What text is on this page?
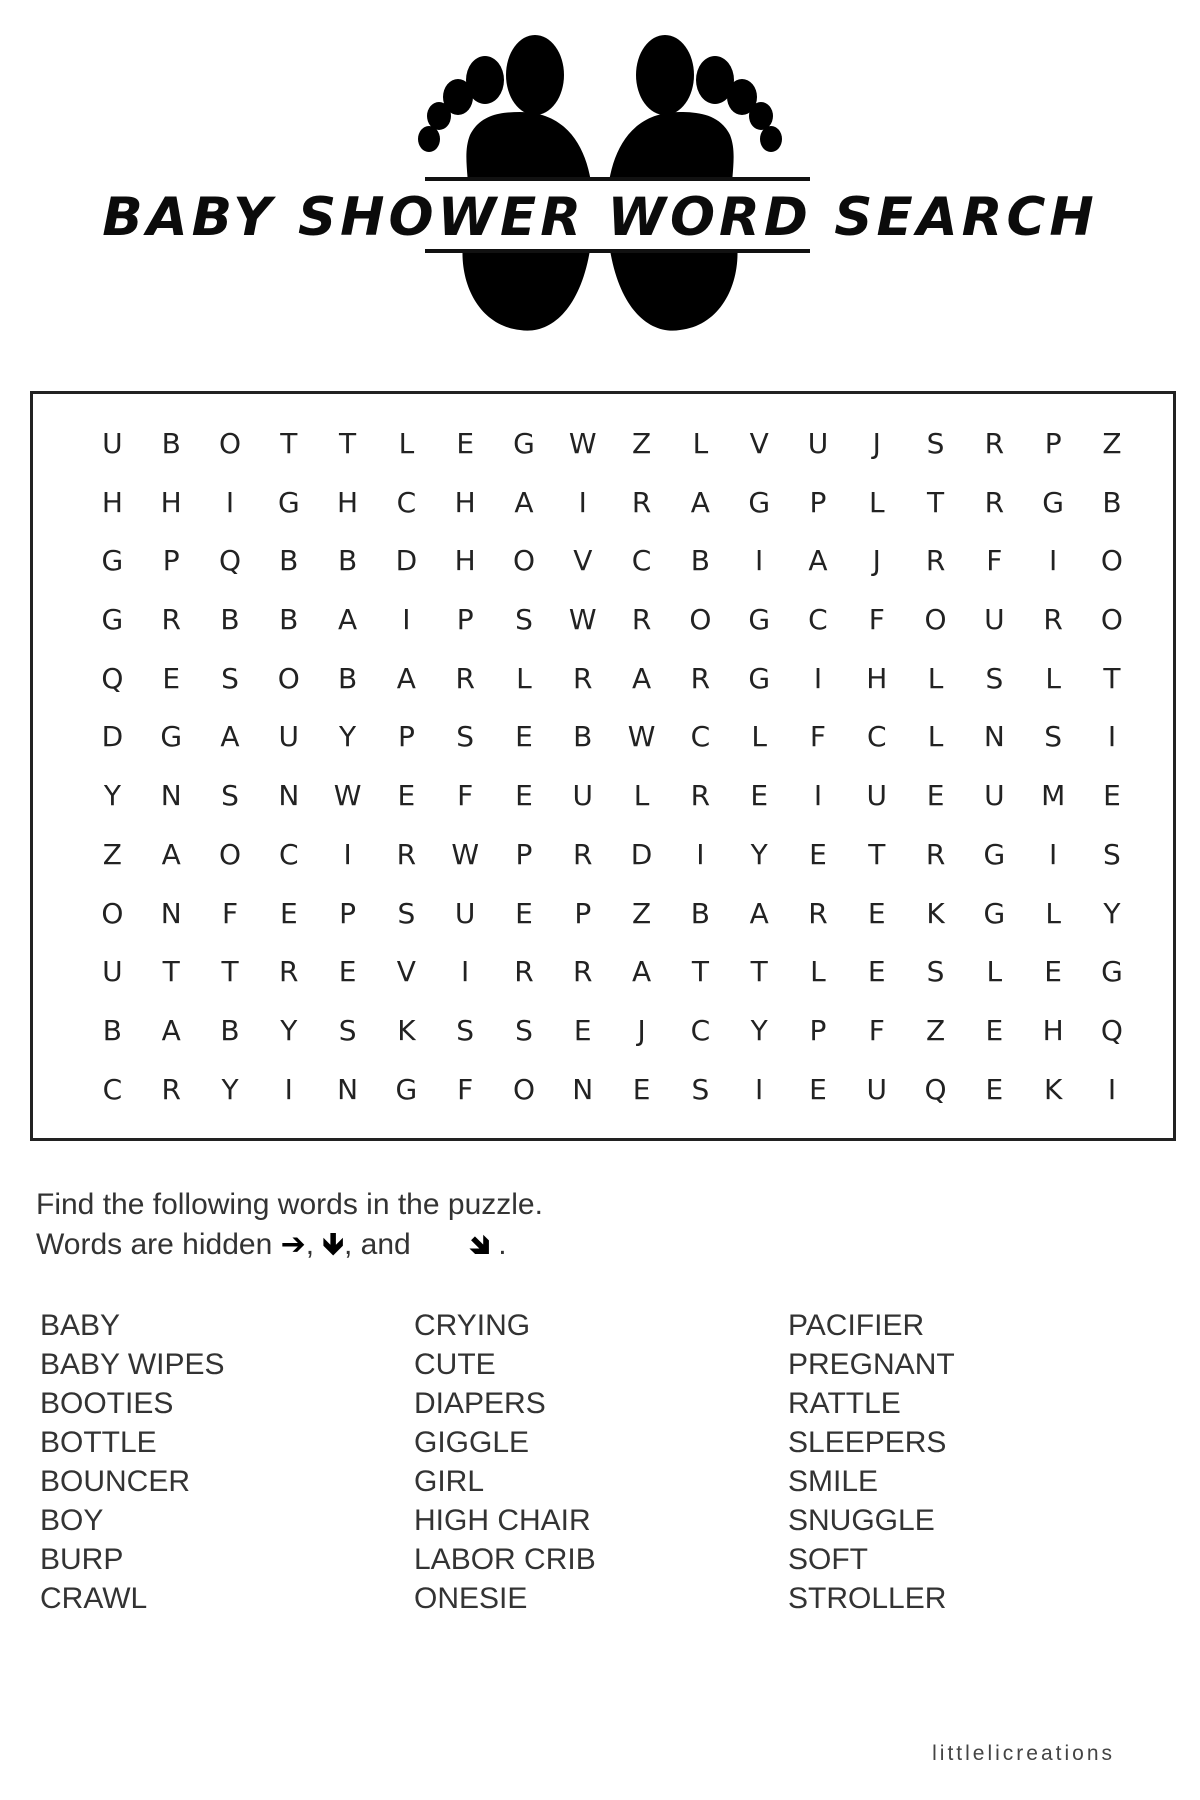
BABY SHOWER WORD SEARCH
U	B	O	T	T	L	E	G	W	Z	L	V	U	J	S	R	P	Z
H	H	I	G	H	C	H	A	I	R	A	G	P	L	T	R	G	B
G	P	Q	B	B	D	H	O	V	C	B	I	A	J	R	F	I	O
G	R	B	B	A	I	P	S	W	R	O	G	C	F	O	U	R	O
Q	E	S	O	B	A	R	L	R	A	R	G	I	H	L	S	L	T
D	G	A	U	Y	P	S	E	B	W	C	L	F	C	L	N	S	I
Y	N	S	N	W	E	F	E	U	L	R	E	I	U	E	U	M	E
Z	A	O	C	I	R	W	P	R	D	I	Y	E	T	R	G	I	S
O	N	F	E	P	S	U	E	P	Z	B	A	R	E	K	G	L	Y
U	T	T	R	E	V	I	R	R	A	T	T	L	E	S	L	E	G
B	A	B	Y	S	K	S	S	E	J	C	Y	P	F	Z	E	H	Q
C	R	Y	I	N	G	F	O	N	E	S	I	E	U	Q	E	K	I
Find the following words in the puzzle.
Words are hidden ➔, 🡻, and 🡾 .
BABY
BABY WIPES
BOOTIES
BOTTLE
BOUNCER
BOY
BURP
CRAWL
CRYING
CUTE
DIAPERS
GIGGLE
GIRL
HIGH CHAIR
LABOR CRIB
ONESIE
PACIFIER
PREGNANT
RATTLE
SLEEPERS
SMILE
SNUGGLE
SOFT
STROLLER
littlelicreations
